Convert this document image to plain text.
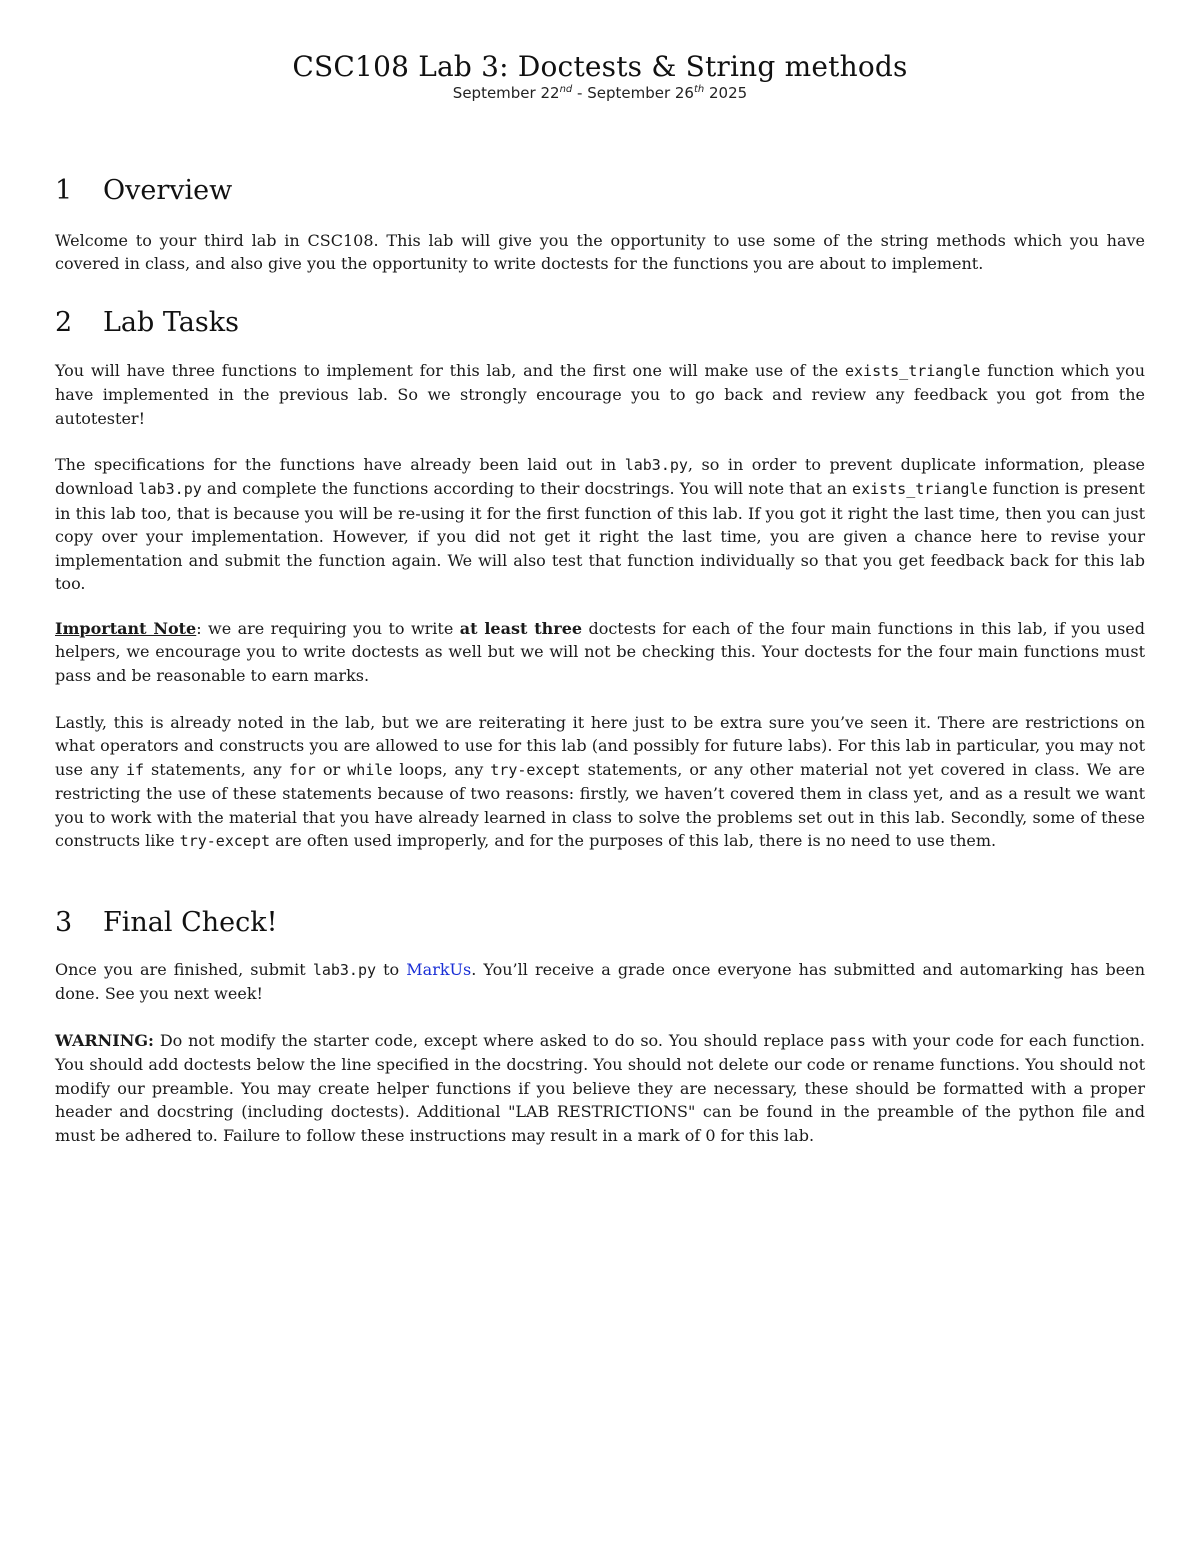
CSC108 Lab 3: Doctests & String methods
September 22nd - September 26th 2025
1 Overview

Welcome to your third lab in CSC108. This lab will give you the opportunity to use some of the string methods which you have covered in class, and also give you the opportunity to write doctests for the functions you are about to implement.

2 Lab Tasks

You will have three functions to implement for this lab, and the first one will make use of the exists_triangle function which you have implemented in the previous lab. So we strongly encourage you to go back and review any feedback you got from the autotester!

The specifications for the functions have already been laid out in lab3.py, so in order to prevent duplicate information, please download lab3.py and complete the functions according to their docstrings. You will note that an exists_triangle function is present in this lab too, that is because you will be re-using it for the first function of this lab. If you got it right the last time, then you can just copy over your implementation. However, if you did not get it right the last time, you are given a chance here to revise your implementation and submit the function again. We will also test that function individually so that you get feedback back for this lab too.

Important Note: we are requiring you to write at least three doctests for each of the four main functions in this lab, if you used helpers, we encourage you to write doctests as well but we will not be checking this. Your doctests for the four main functions must pass and be reasonable to earn marks.

Lastly, this is already noted in the lab, but we are reiterating it here just to be extra sure you’ve seen it. There are restrictions on what operators and constructs you are allowed to use for this lab (and possibly for future labs). For this lab in particular, you may not use any if statements, any for or while loops, any try-except statements, or any other material not yet covered in class. We are restricting the use of these statements because of two reasons: firstly, we haven’t covered them in class yet, and as a result we want you to work with the material that you have already learned in class to solve the problems set out in this lab. Secondly, some of these constructs like try-except are often used improperly, and for the purposes of this lab, there is no need to use them.

3 Final Check!

Once you are finished, submit lab3.py to MarkUs. You’ll receive a grade once everyone has submitted and automarking has been done. See you next week!

WARNING: Do not modify the starter code, except where asked to do so. You should replace pass with your code for each function. You should add doctests below the line specified in the docstring. You should not delete our code or rename functions. You should not modify our preamble. You may create helper functions if you believe they are necessary, these should be formatted with a proper header and docstring (including doctests). Additional "LAB RESTRICTIONS" can be found in the preamble of the python file and must be adhered to. Failure to follow these instructions may result in a mark of 0 for this lab.
